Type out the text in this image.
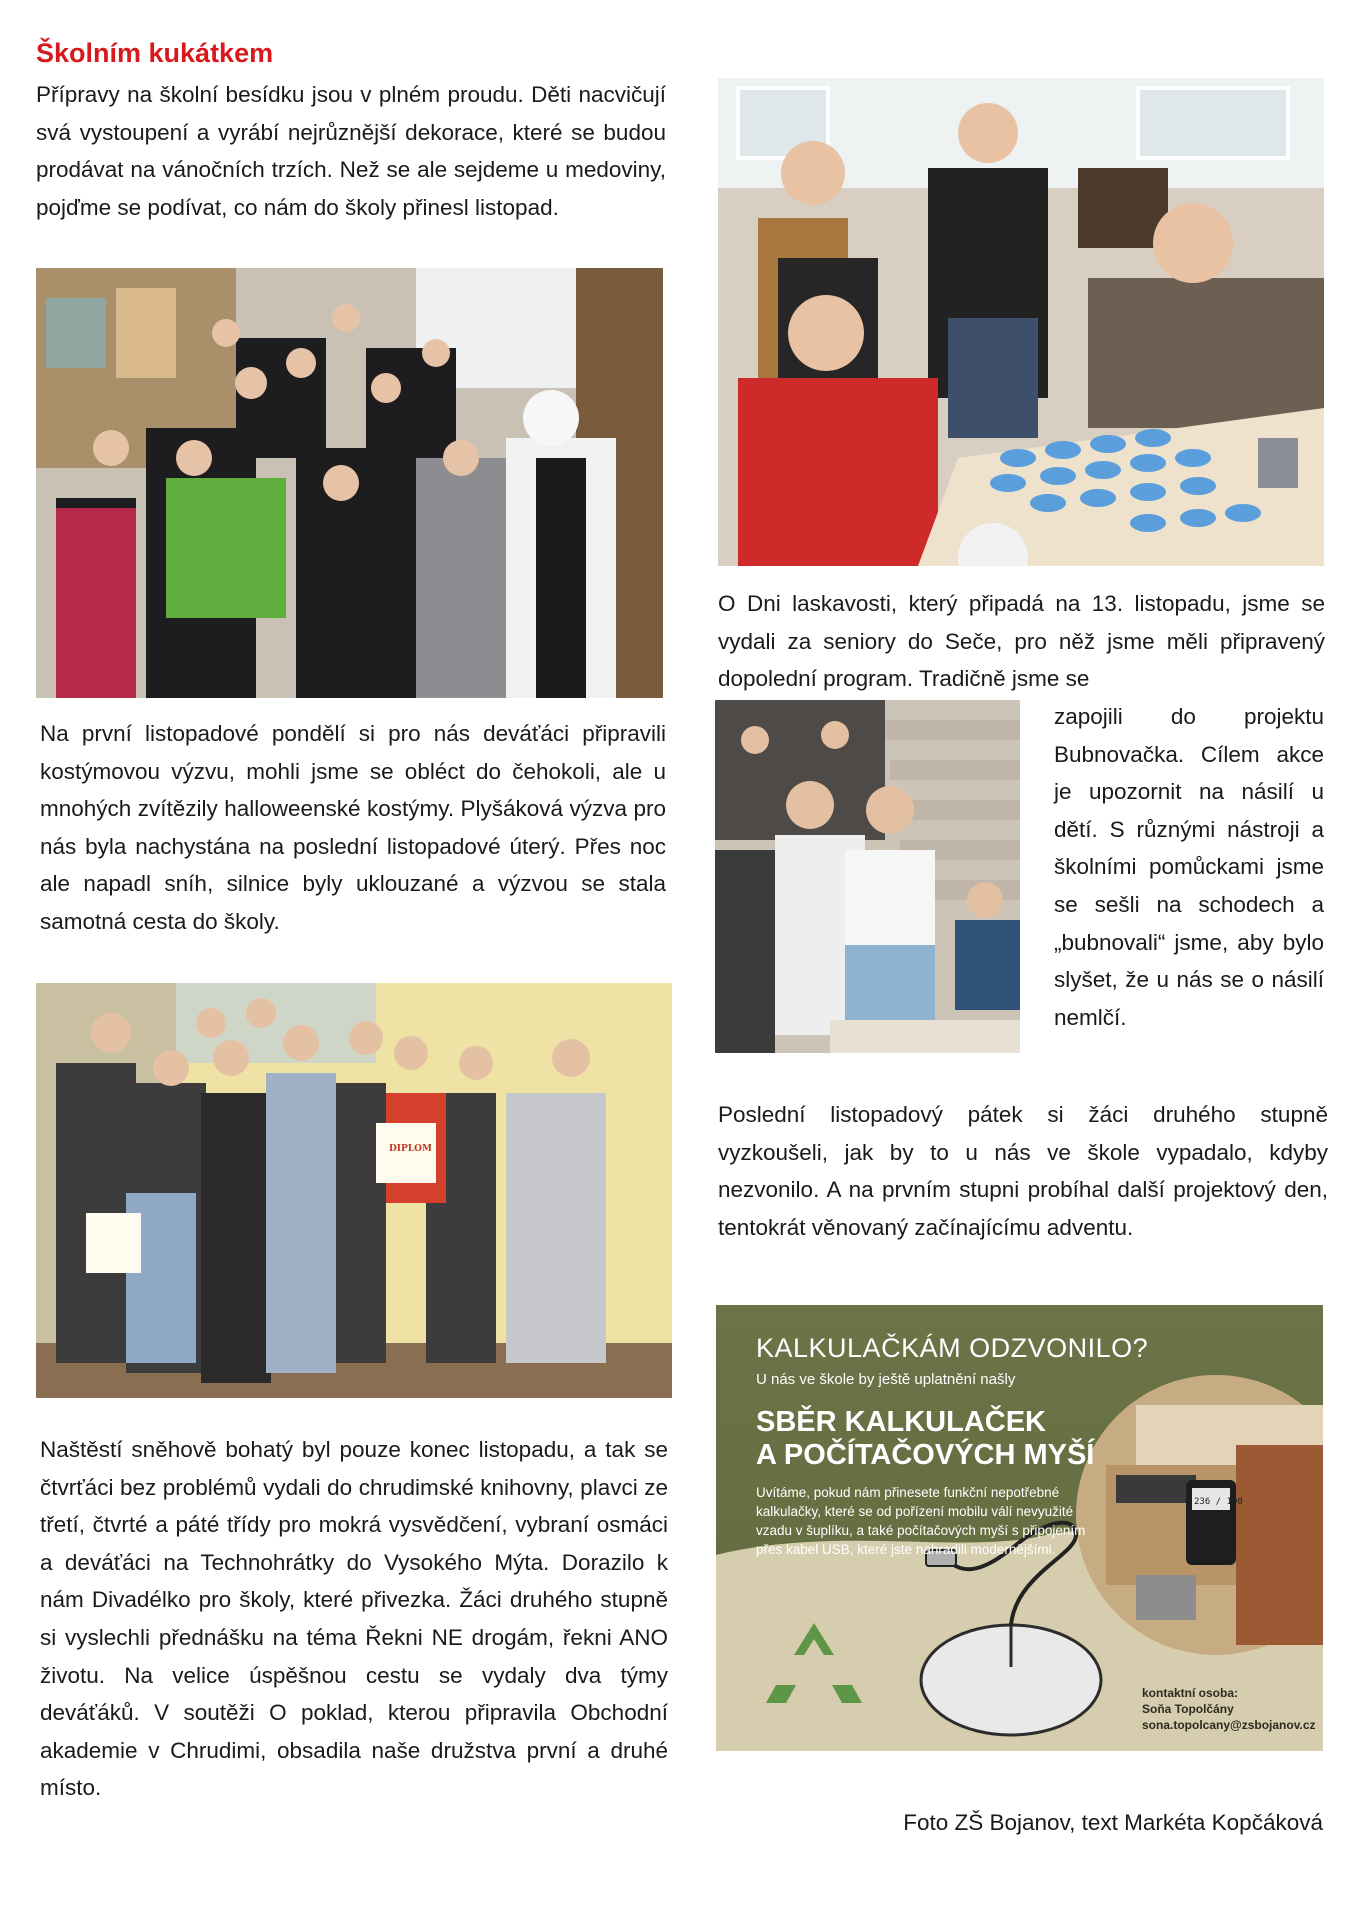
Školním kukátkem

Přípravy na školní besídku jsou v plném proudu. Děti nacvičují svá vystoupení a vyrábí nejrůznější dekorace, které se budou prodávat na vánočních trzích. Než se ale sejdeme u medoviny, pojďme se podívat, co nám do školy přinesl listopad.

Na první listopadové pondělí si pro nás deváťáci připravili kostýmovou výzvu, mohli jsme se obléct do čehokoli, ale u mnohých zvítězily halloweenské kostýmy. Plyšáková výzva pro nás byla nachystána na poslední listopadové úterý. Přes noc ale napadl sníh, silnice byly uklouzané a výzvou se stala samotná cesta do školy.

DIPLOM

Naštěstí sněhově bohatý byl pouze konec listopadu, a tak se čtvrťáci bez problémů vydali do chrudimské knihovny, plavci ze třetí, čtvrté a páté třídy pro mokrá vysvědčení, vybraní osmáci a deváťáci na Technohrátky do Vysokého Mýta. Dorazilo k nám Divadélko pro školy, které přivezka. Žáci druhého stupně si vyslechli přednášku na téma Řekni NE drogám, řekni ANO životu. Na velice úspěšnou cestu se vydaly dva týmy deváťáků. V soutěži O poklad, kterou připravila Obchodní akademie v Chrudimi, obsadila naše družstva první a druhé místo.

O Dni laskavosti, který připadá na 13. listopadu, jsme se vydali za seniory do Seče, pro něž jsme měli připravený dopolední program. Tradičně jsme se

zapojili do projektu Bubnovačka. Cílem akce je upozornit na násilí u dětí. S různými nástroji a školními pomůckami jsme se sešli na schodech a „bubnovali“ jsme, aby bylo slyšet, že u nás se o násilí nemlčí.

Poslední listopadový pátek si žáci druhého stupně vyzkoušeli, jak by to u nás ve škole vypadalo, kdyby nezvonilo. A na prvním stupni probíhal další projektový den, tentokrát věnovaný začínajícímu adventu.

236 / 100
KALKULAČKÁM ODZVONILO?
U nás ve škole by ještě uplatnění našly
SBĚR KALKULAČEK
A POČÍTAČOVÝCH MYŠÍ
Uvítáme, pokud nám přinesete funkční nepotřebné kalkulačky, které se od pořízení mobilu válí nevyužité vzadu v šuplíku, a také počítačových myší s připojením přes kabel USB, které jste nahradili modernějšími.
kontaktní osoba:
Soňa Topolčány
sona.topolcany@zsbojanov.cz
Foto ZŠ Bojanov, text Markéta Kopčáková
